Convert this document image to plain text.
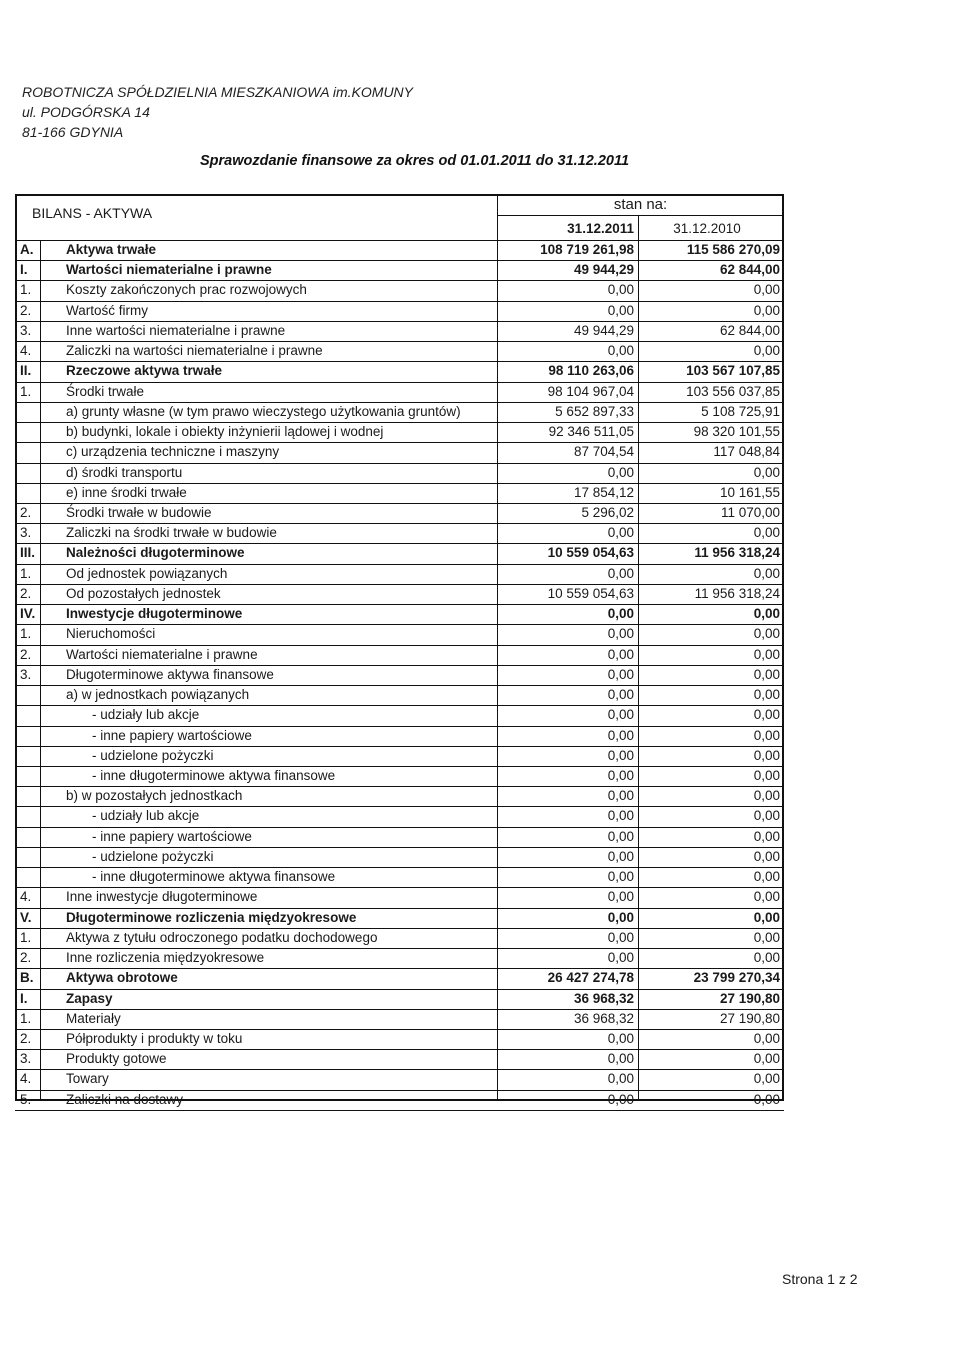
ROBOTNICZA SPÓŁDZIELNIA MIESZKANIOWA im.KOMUNY
ul. PODGÓRSKA 14
81-166 GDYNIA
Sprawozdanie finansowe za okres od 01.01.2011 do 31.12.2011
BILANS - AKTYWA	stan na:
31.12.2011	31.12.2010
A.	Aktywa trwałe	108 719 261,98	115 586 270,09
I.	Wartości niematerialne i prawne	49 944,29	62 844,00
1.	Koszty zakończonych prac rozwojowych	0,00	0,00
2.	Wartość firmy	0,00	0,00
3.	Inne wartości niematerialne i prawne	49 944,29	62 844,00
4.	Zaliczki na wartości niematerialne i prawne	0,00	0,00
II.	Rzeczowe aktywa trwałe	98 110 263,06	103 567 107,85
1.	Środki trwałe	98 104 967,04	103 556 037,85
a) grunty własne (w tym prawo wieczystego użytkowania gruntów)	5 652 897,33	5 108 725,91
b) budynki, lokale i obiekty inżynierii lądowej i wodnej	92 346 511,05	98 320 101,55
c) urządzenia techniczne i maszyny	87 704,54	117 048,84
d) środki transportu	0,00	0,00
e) inne środki trwałe	17 854,12	10 161,55
2.	Środki trwałe w budowie	5 296,02	11 070,00
3.	Zaliczki na środki trwałe w budowie	0,00	0,00
III.	Należności długoterminowe	10 559 054,63	11 956 318,24
1.	Od jednostek powiązanych	0,00	0,00
2.	Od pozostałych jednostek	10 559 054,63	11 956 318,24
IV.	Inwestycje długoterminowe	0,00	0,00
1.	Nieruchomości	0,00	0,00
2.	Wartości niematerialne i prawne	0,00	0,00
3.	Długoterminowe aktywa finansowe	0,00	0,00
a) w jednostkach powiązanych	0,00	0,00
- udziały lub akcje	0,00	0,00
- inne papiery wartościowe	0,00	0,00
- udzielone pożyczki	0,00	0,00
- inne długoterminowe aktywa finansowe	0,00	0,00
b) w pozostałych jednostkach	0,00	0,00
- udziały lub akcje	0,00	0,00
- inne papiery wartościowe	0,00	0,00
- udzielone pożyczki	0,00	0,00
- inne długoterminowe aktywa finansowe	0,00	0,00
4.	Inne inwestycje długoterminowe	0,00	0,00
V.	Długoterminowe rozliczenia międzyokresowe	0,00	0,00
1.	Aktywa z tytułu odroczonego podatku dochodowego	0,00	0,00
2.	Inne rozliczenia międzyokresowe	0,00	0,00
B.	Aktywa obrotowe	26 427 274,78	23 799 270,34
I.	Zapasy	36 968,32	27 190,80
1.	Materiały	36 968,32	27 190,80
2.	Półprodukty i produkty w toku	0,00	0,00
3.	Produkty gotowe	0,00	0,00
4.	Towary	0,00	0,00
5.	Zaliczki na dostawy	0,00	0,00
Strona 1 z 2
